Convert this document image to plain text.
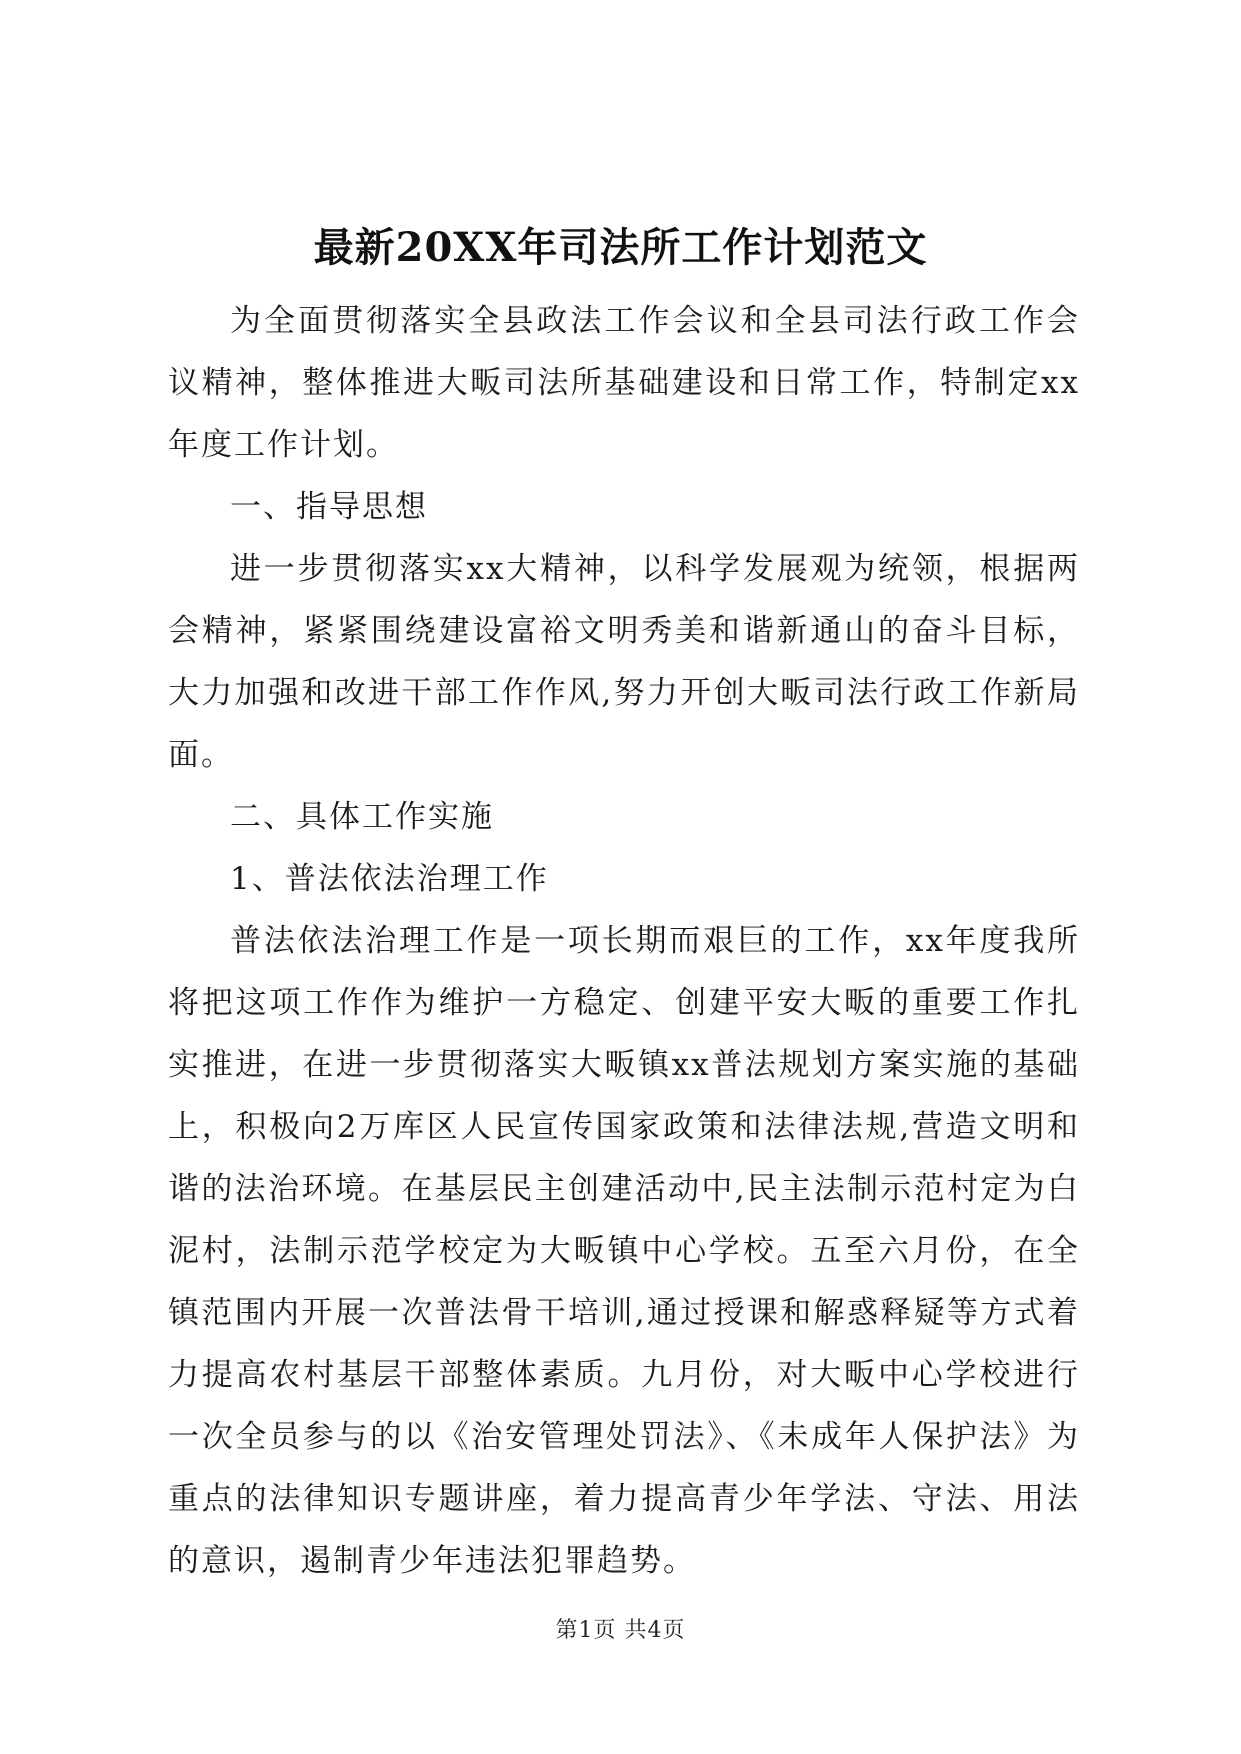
最新20XX年司法所工作计划范文

为全面贯彻落实全县政法工作会议和全县司法行政工作会议精神，整体推进大畈司法所基础建设和日常工作，特制定xx年度工作计划。

一、指导思想

进一步贯彻落实xx大精神，以科学发展观为统领，根据两会精神，紧紧围绕建设富裕文明秀美和谐新通山的奋斗目标，大力加强和改进干部工作作风,努力开创大畈司法行政工作新局面。

二、具体工作实施

1、普法依法治理工作

普法依法治理工作是一项长期而艰巨的工作，xx年度我所将把这项工作作为维护一方稳定、创建平安大畈的重要工作扎实推进，在进一步贯彻落实大畈镇xx普法规划方案实施的基础上，积极向2万库区人民宣传国家政策和法律法规,营造文明和谐的法治环境。在基层民主创建活动中,民主法制示范村定为白泥村，法制示范学校定为大畈镇中心学校。五至六月份，在全镇范围内开展一次普法骨干培训,通过授课和解惑释疑等方式着力提高农村基层干部整体素质。九月份，对大畈中心学校进行一次全员参与的以《治安管理处罚法》、《未成年人保护法》为重点的法律知识专题讲座，着力提高青少年学法、守法、用法的意识，遏制青少年违法犯罪趋势。

第1页 共4页
